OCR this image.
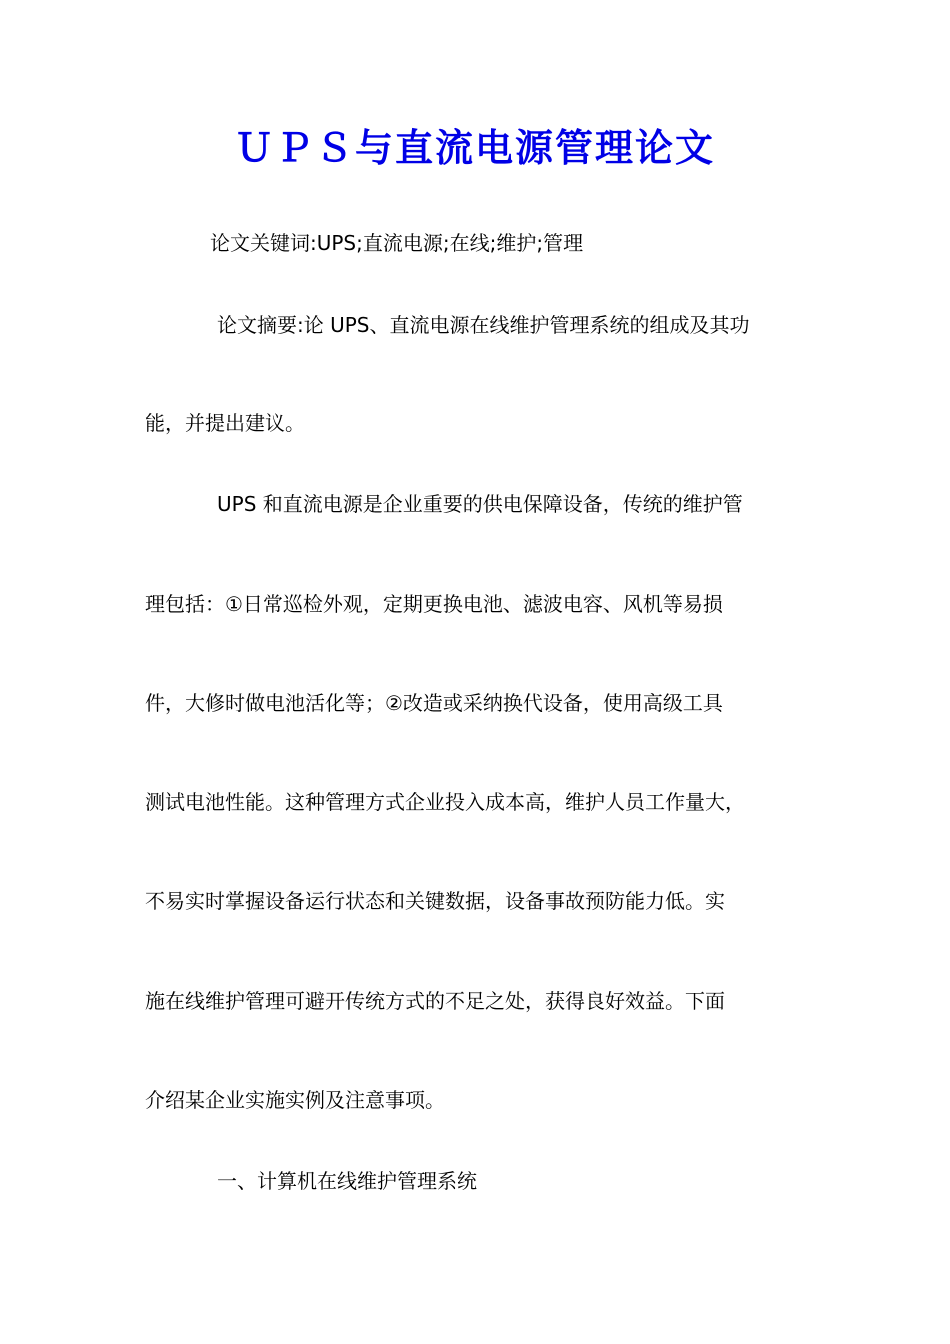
ＵＰＳ与直流电源管理论文

论文关键词:UPS;直流电源;在线;维护;管理

论文摘要:论 UPS、直流电源在线维护管理系统的组成及其功

能，并提出建议。

UPS 和直流电源是企业重要的供电保障设备，传统的维护管

理包括：①日常巡检外观，定期更换电池、滤波电容、风机等易损

件，大修时做电池活化等；②改造或采纳换代设备，使用高级工具

测试电池性能。这种管理方式企业投入成本高，维护人员工作量大，

不易实时掌握设备运行状态和关键数据，设备事故预防能力低。实

施在线维护管理可避开传统方式的不足之处，获得良好效益。下面

介绍某企业实施实例及注意事项。

一、计算机在线维护管理系统
